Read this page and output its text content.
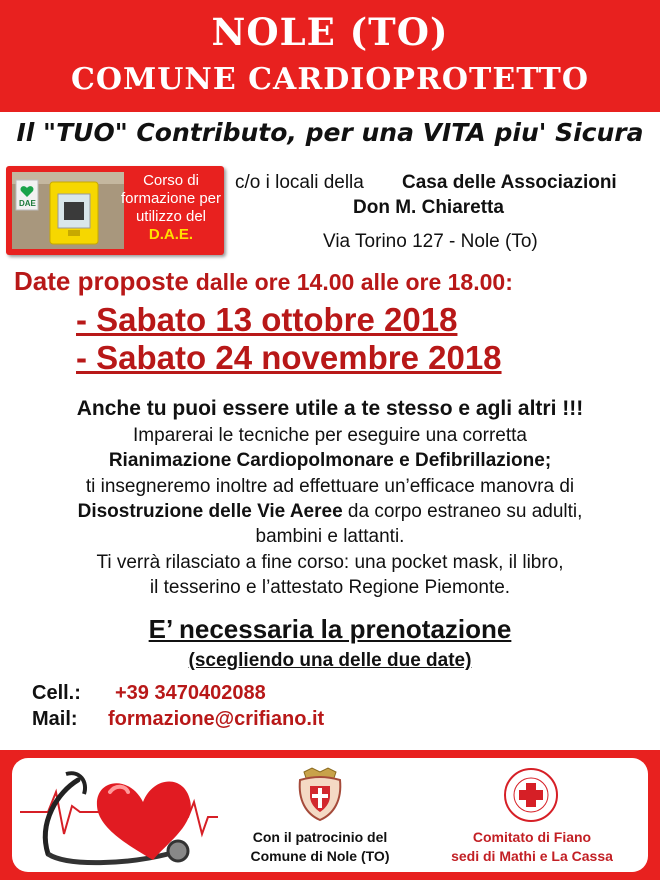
NOLE (TO)
COMUNE CARDIOPROTETTO
Il "TUO" Contributo, per una VITA piu' Sicura
DAE
Corso di
formazione per
utilizzo del
D.A.E.
c/o i locali della Casa delle Associazioni
Don M. Chiaretta
Via Torino 127 - Nole (To)
Date proposte dalle ore 14.00 alle ore 18.00:
- Sabato 13 ottobre 2018
- Sabato 24 novembre 2018
Anche tu puoi essere utile a te stesso e agli altri !!!
Imparerai le tecniche per eseguire una corretta
Rianimazione Cardiopolmonare e Defibrillazione;
ti insegneremo inoltre ad effettuare un’efficace manovra di
Disostruzione delle Vie Aeree da corpo estraneo su adulti,
bambini e lattanti.
Ti verrà rilasciato a fine corso: una pocket mask, il libro,
il tesserino e l’attestato Regione Piemonte.
E’ necessaria la prenotazione
(scegliendo una delle due date)
Cell.: +39 3470402088
Mail: formazione@crifiano.it
Con il patrocinio del
Comune di Nole (TO)
Comitato di Fiano
sedi di Mathi e La Cassa
